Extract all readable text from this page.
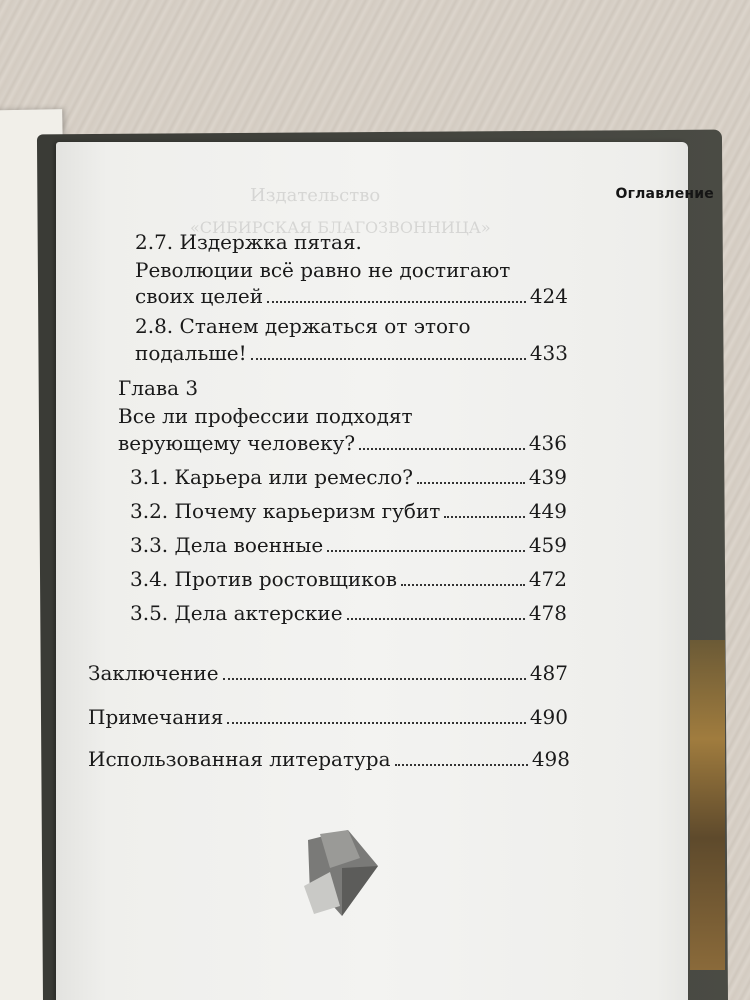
Издательство
«СИБИРСКАЯ БЛАГОЗВОННИЦА»
Оглавление
2.7. Издержка пятая.
Революции всё равно не достигают
своих целей	424
2.8. Станем держаться от этого
подальше!	433
Глава 3
Все ли профессии подходят
верующему человеку?	436
3.1. Карьера или ремесло?	439
3.2. Почему карьеризм губит	449
3.3. Дела военные	459
3.4. Против ростовщиков	472
3.5. Дела актерские	478
Заключение	487
Примечания	490
Использованная литература	498
